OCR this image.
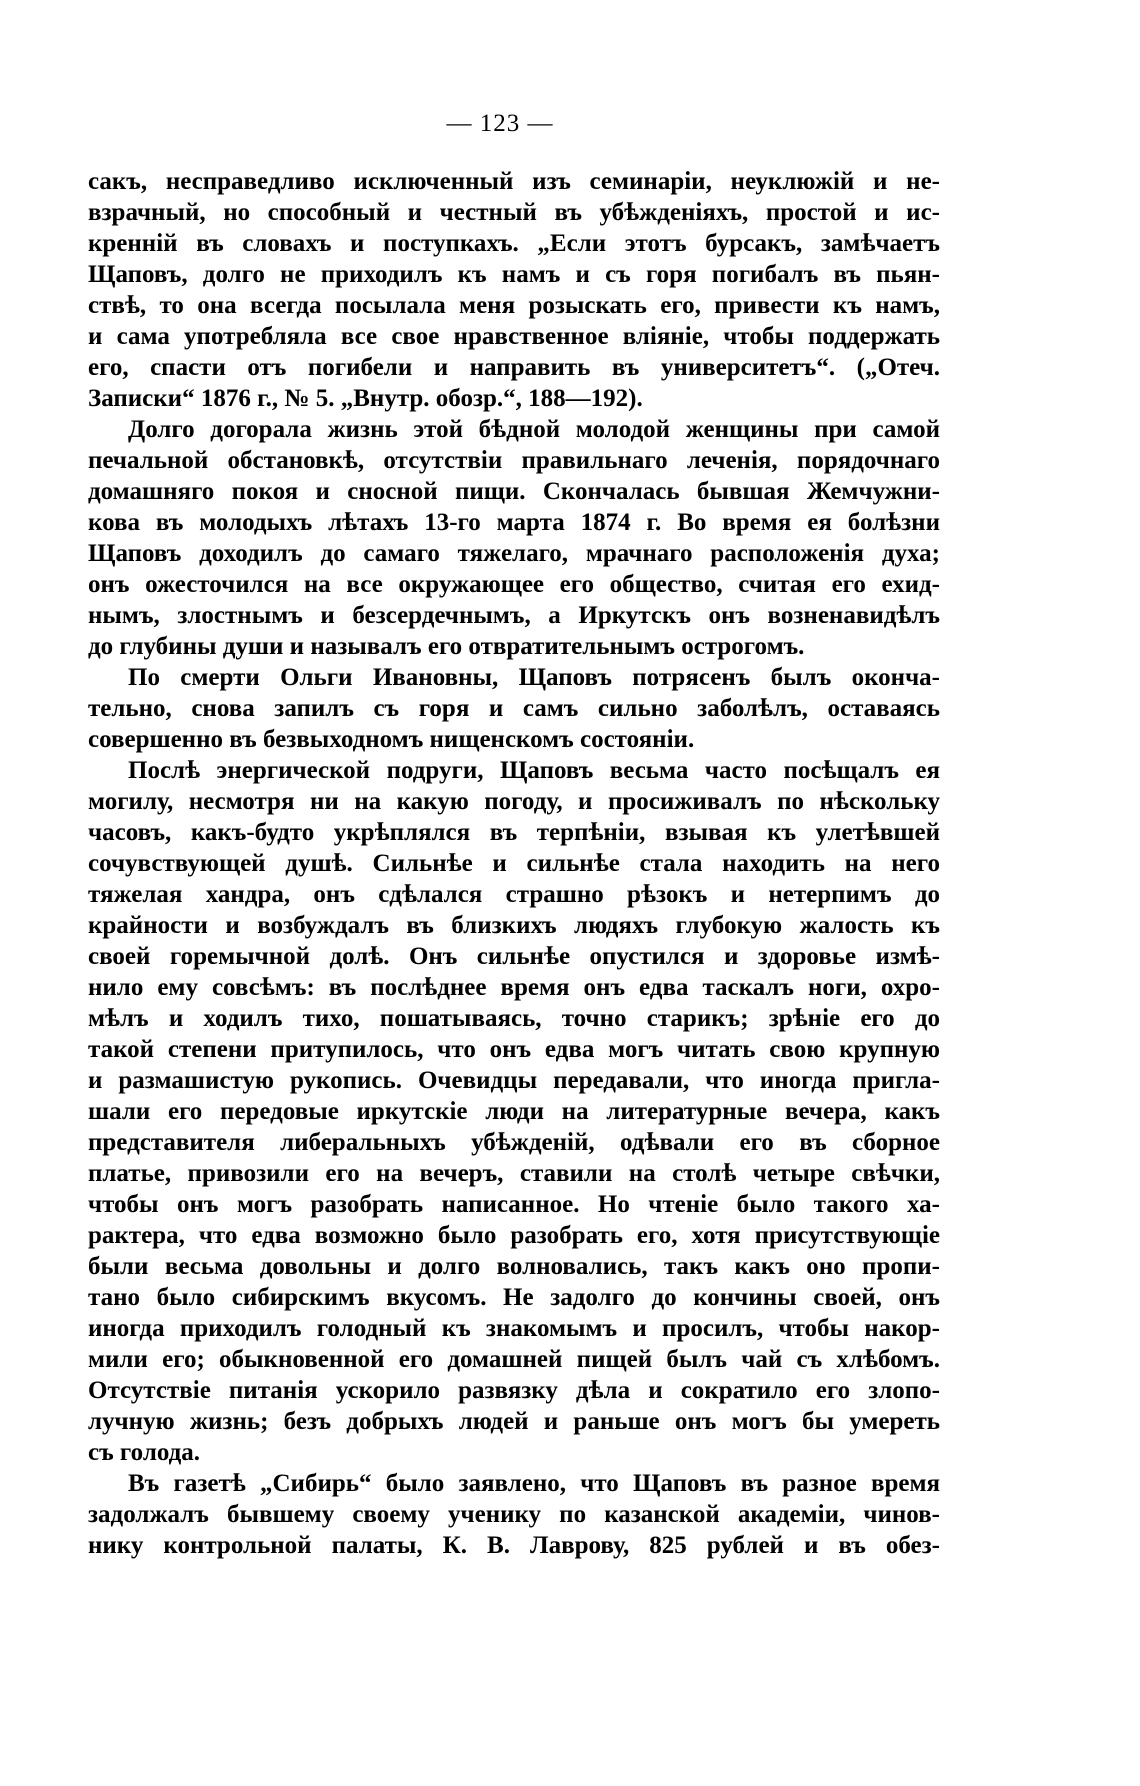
— 123 —
сакъ, несправедливо исключенный изъ семинаріи, неуклюжій и не-
взрачный, но способный и честный въ убѣжденіяхъ, простой и ис-
кренній въ словахъ и поступкахъ. „Если этотъ бурсакъ, замѣчаетъ
Щаповъ, долго не приходилъ къ намъ и съ горя погибалъ въ пьян-
ствѣ, то она всегда посылала меня розыскать его, привести къ намъ,
и сама употребляла все свое нравственное вліяніе, чтобы поддержать
его, спасти отъ погибели и направить въ университетъ“. („Отеч.
Записки“ 1876 г., № 5. „Внутр. обозр.“, 188—192).
Долго догорала жизнь этой бѣдной молодой женщины при самой
печальной обстановкѣ, отсутствіи правильнаго леченія, порядочнаго
домашняго покоя и сносной пищи. Скончалась бывшая Жемчужни-
кова въ молодыхъ лѣтахъ 13-го марта 1874 г. Во время ея болѣзни
Щаповъ доходилъ до самаго тяжелаго, мрачнаго расположенія духа;
онъ ожесточился на все окружающее его общество, считая его ехид-
нымъ, злостнымъ и безсердечнымъ, а Иркутскъ онъ возненавидѣлъ
до глубины души и называлъ его отвратительнымъ острогомъ.
По смерти Ольги Ивановны, Щаповъ потрясенъ былъ оконча-
тельно, снова запилъ съ горя и самъ сильно заболѣлъ, оставаясь
совершенно въ безвыходномъ нищенскомъ состояніи.
Послѣ энергической подруги, Щаповъ весьма часто посѣщалъ ея
могилу, несмотря ни на какую погоду, и просиживалъ по нѣскольку
часовъ, какъ-будто укрѣплялся въ терпѣніи, взывая къ улетѣвшей
сочувствующей душѣ. Сильнѣе и сильнѣе стала находить на него
тяжелая хандра, онъ сдѣлался страшно рѣзокъ и нетерпимъ до
крайности и возбуждалъ въ близкихъ людяхъ глубокую жалость къ
своей горемычной долѣ. Онъ сильнѣе опустился и здоровье измѣ-
нило ему совсѣмъ: въ послѣднее время онъ едва таскалъ ноги, охро-
мѣлъ и ходилъ тихо, пошатываясь, точно старикъ; зрѣніе его до
такой степени притупилось, что онъ едва могъ читать свою крупную
и размашистую рукопись. Очевидцы передавали, что иногда пригла-
шали его передовые иркутскіе люди на литературные вечера, какъ
представителя либеральныхъ убѣжденій, одѣвали его въ сборное
платье, привозили его на вечеръ, ставили на столѣ четыре свѣчки,
чтобы онъ могъ разобрать написанное. Но чтеніе было такого ха-
рактера, что едва возможно было разобрать его, хотя присутствующіе
были весьма довольны и долго волновались, такъ какъ оно пропи-
тано было сибирскимъ вкусомъ. Не задолго до кончины своей, онъ
иногда приходилъ голодный къ знакомымъ и просилъ, чтобы накор-
мили его; обыкновенной его домашней пищей былъ чай съ хлѣбомъ.
Отсутствіе питанія ускорило развязку дѣла и сократило его злопо-
лучную жизнь; безъ добрыхъ людей и раньше онъ могъ бы умереть
съ голода.
Въ газетѣ „Сибирь“ было заявлено, что Щаповъ въ разное время
задолжалъ бывшему своему ученику по казанской академіи, чинов-
нику контрольной палаты, К. В. Лаврову, 825 рублей и въ обез-
